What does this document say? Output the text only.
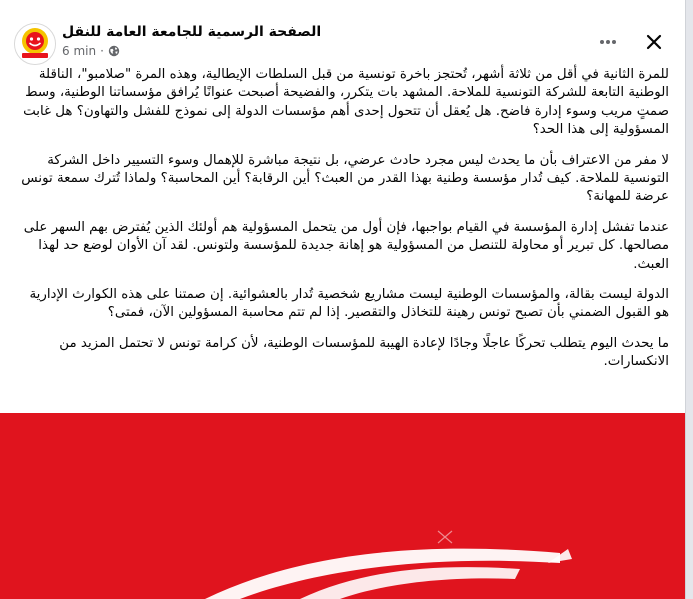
الصفحة الرسمية للجامعة العامة للنقل
6 min ·

للمرة الثانية في أقل من ثلاثة أشهر، تُحتجز باخرة تونسية من قبل السلطات الإيطالية، وهذه المرة "صلامبو"، الناقلة الوطنية التابعة للشركة التونسية للملاحة. المشهد بات يتكرر، والفضيحة أصبحت عنوانًا يُرافق مؤسساتنا الوطنية، وسط صمتٍ مريب وسوء إدارة فاضح. هل يُعقل أن تتحول إحدى أهم مؤسسات الدولة إلى نموذج للفشل والتهاون؟ هل غابت المسؤولية إلى هذا الحد؟

لا مفر من الاعتراف بأن ما يحدث ليس مجرد حادث عرضي، بل نتيجة مباشرة للإهمال وسوء التسيير داخل الشركة التونسية للملاحة. كيف تُدار مؤسسة وطنية بهذا القدر من العبث؟ أين الرقابة؟ أين المحاسبة؟ ولماذا تُترك سمعة تونس عرضة للمهانة؟

عندما تفشل إدارة المؤسسة في القيام بواجبها، فإن أول من يتحمل المسؤولية هم أولئك الذين يُفترض بهم السهر على مصالحها. كل تبرير أو محاولة للتنصل من المسؤولية هو إهانة جديدة للمؤسسة ولتونس. لقد آن الأوان لوضع حد لهذا العبث.

الدولة ليست بقالة، والمؤسسات الوطنية ليست مشاريع شخصية تُدار بالعشوائية. إن صمتنا على هذه الكوارث الإدارية هو القبول الضمني بأن تصبح تونس رهينة للتخاذل والتقصير. إذا لم تتم محاسبة المسؤولين الآن، فمتى؟

ما يحدث اليوم يتطلب تحركًا عاجلًا وجادًا لإعادة الهيبة للمؤسسات الوطنية، لأن كرامة تونس لا تحتمل المزيد من الانكسارات.
